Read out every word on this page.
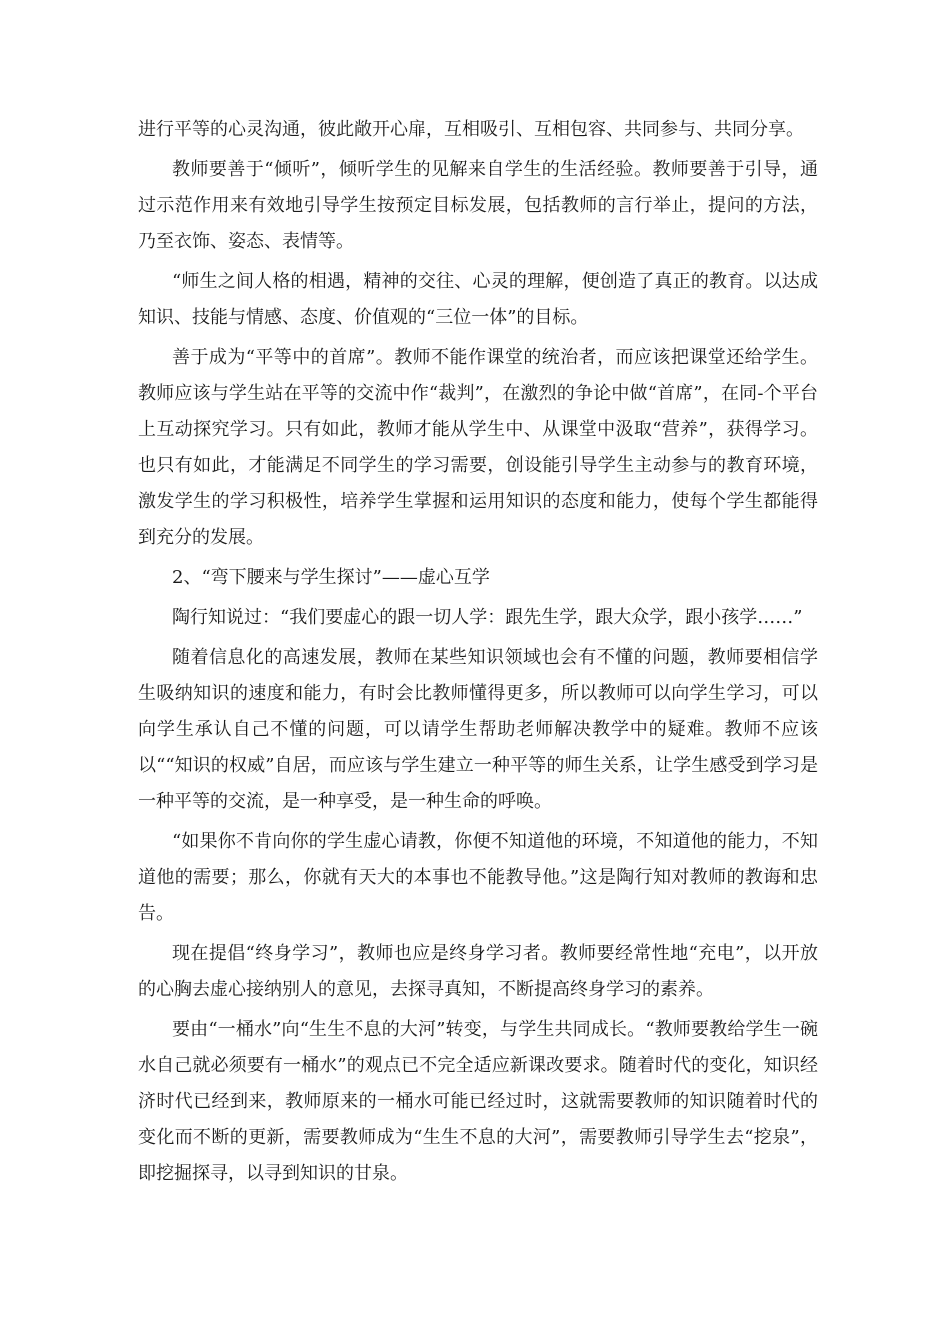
进行平等的心灵沟通，彼此敞开心扉，互相吸引、互相包容、共同参与、共同分享。

教师要善于“倾听”，倾听学生的见解来自学生的生活经验。教师要善于引导，通过示范作用来有效地引导学生按预定目标发展，包括教师的言行举止，提问的方法，乃至衣饰、姿态、表情等。

“师生之间人格的相遇，精神的交往、心灵的理解，便创造了真正的教育。以达成知识、技能与情感、态度、价值观的“三位一体”的目标。

善于成为“平等中的首席”。教师不能作课堂的统治者，而应该把课堂还给学生。教师应该与学生站在平等的交流中作“裁判”，在激烈的争论中做“首席”，在同-个平台上互动探究学习。只有如此，教师才能从学生中、从课堂中汲取“营养”，获得学习。也只有如此，才能满足不同学生的学习需要，创设能引导学生主动参与的教育环境，激发学生的学习积极性，培养学生掌握和运用知识的态度和能力，使每个学生都能得到充分的发展。

2、“弯下腰来与学生探讨”——虚心互学

陶行知说过：“我们要虚心的跟一切人学：跟先生学，跟大众学，跟小孩学……”

随着信息化的高速发展，教师在某些知识领域也会有不懂的问题，教师要相信学生吸纳知识的速度和能力，有时会比教师懂得更多，所以教师可以向学生学习，可以向学生承认自己不懂的问题，可以请学生帮助老师解决教学中的疑难。教师不应该以““知识的权威”自居，而应该与学生建立一种平等的师生关系，让学生感受到学习是一种平等的交流，是一种享受，是一种生命的呼唤。

“如果你不肯向你的学生虚心请教，你便不知道他的环境，不知道他的能力，不知道他的需要；那么，你就有天大的本事也不能教导他。”这是陶行知对教师的教诲和忠告。

现在提倡“终身学习”，教师也应是终身学习者。教师要经常性地“充电”，以开放的心胸去虚心接纳别人的意见，去探寻真知，不断提高终身学习的素养。

要由“一桶水”向“生生不息的大河”转变，与学生共同成长。“教师要教给学生一碗水自己就必须要有一桶水”的观点已不完全适应新课改要求。随着时代的变化，知识经济时代已经到来，教师原来的一桶水可能已经过时，这就需要教师的知识随着时代的变化而不断的更新，需要教师成为“生生不息的大河”，需要教师引导学生去“挖泉”，即挖掘探寻，以寻到知识的甘泉。
